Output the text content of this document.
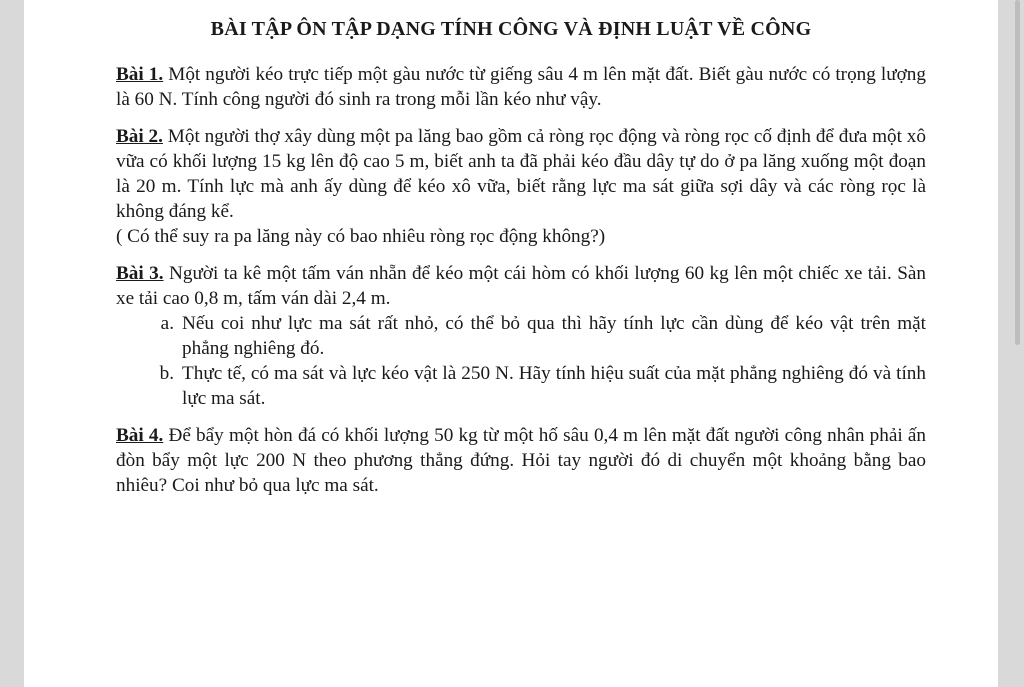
BÀI TẬP ÔN TẬP DẠNG TÍNH CÔNG VÀ ĐỊNH LUẬT VỀ CÔNG

Bài 1. Một người kéo trực tiếp một gàu nước từ giếng sâu 4 m lên mặt đất. Biết gàu nước có trọng lượng là 60 N. Tính công người đó sinh ra trong mỗi lần kéo như vậy.

Bài 2. Một người thợ xây dùng một pa lăng bao gồm cả ròng rọc động và ròng rọc cố định để đưa một xô vữa có khối lượng 15 kg lên độ cao 5 m, biết anh ta đã phải kéo đầu dây tự do ở pa lăng xuống một đoạn là 20 m. Tính lực mà anh ấy dùng để kéo xô vữa, biết rằng lực ma sát giữa sợi dây và các ròng rọc là không đáng kể.

( Có thể suy ra pa lăng này có bao nhiêu ròng rọc động không?)

Bài 3. Người ta kê một tấm ván nhẵn để kéo một cái hòm có khối lượng 60 kg lên một chiếc xe tải. Sàn xe tải cao 0,8 m, tấm ván dài 2,4 m.

a. Nếu coi như lực ma sát rất nhỏ, có thể bỏ qua thì hãy tính lực cần dùng để kéo vật trên mặt phẳng nghiêng đó.
b. Thực tế, có ma sát và lực kéo vật là 250 N. Hãy tính hiệu suất của mặt phẳng nghiêng đó và tính lực ma sát.

Bài 4. Để bẩy một hòn đá có khối lượng 50 kg từ một hố sâu 0,4 m lên mặt đất người công nhân phải ấn đòn bẩy một lực 200 N theo phương thẳng đứng. Hỏi tay người đó di chuyển một khoảng bằng bao nhiêu? Coi như bỏ qua lực ma sát.
